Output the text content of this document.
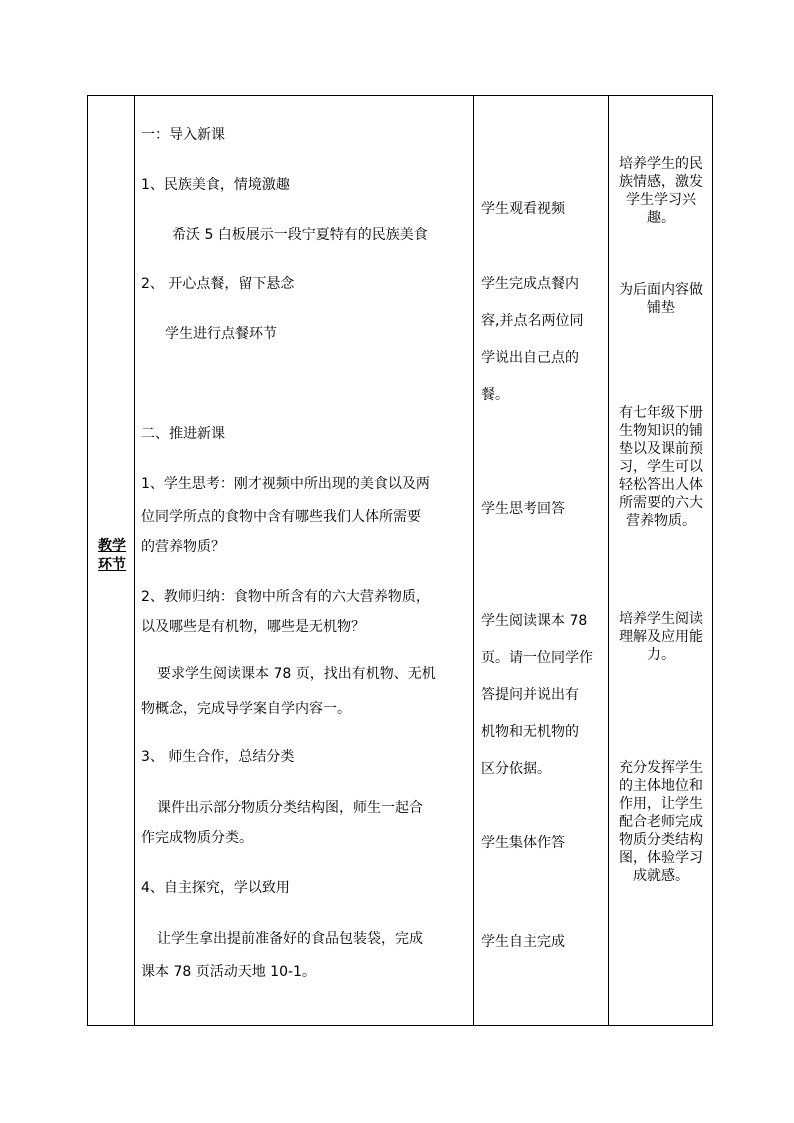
教学
环节

一：导入新课

1、民族美食，情境激趣

希沃 5 白板展示一段宁夏特有的民族美食

2、 开心点餐，留下悬念

学生进行点餐环节

二、推进新课

1、学生思考：刚才视频中所出现的美食以及两

位同学所点的食物中含有哪些我们人体所需要

的营养物质？

2、教师归纳：食物中所含有的六大营养物质，

以及哪些是有机物，哪些是无机物？

要求学生阅读课本 78 页，找出有机物、无机

物概念，完成导学案自学内容一。

3、 师生合作，总结分类

课件出示部分物质分类结构图，师生一起合

作完成物质分类。

4、自主探究，学以致用

让学生拿出提前准备好的食品包装袋，完成

课本 78 页活动天地 10-1。

学生观看视频

学生完成点餐内

容,并点名两位同

学说出自己点的

餐。

学生思考回答

学生阅读课本 78

页。请一位同学作

答提问并说出有

机物和无机物的

区分依据。

学生集体作答

学生自主完成

培养学生的民族情感，激发学生学习兴趣。

为后面内容做铺垫

有七年级下册生物知识的铺垫以及课前预习，学生可以轻松答出人体所需要的六大营养物质。

培养学生阅读理解及应用能力。

充分发挥学生的主体地位和作用，让学生配合老师完成物质分类结构图，体验学习成就感。
